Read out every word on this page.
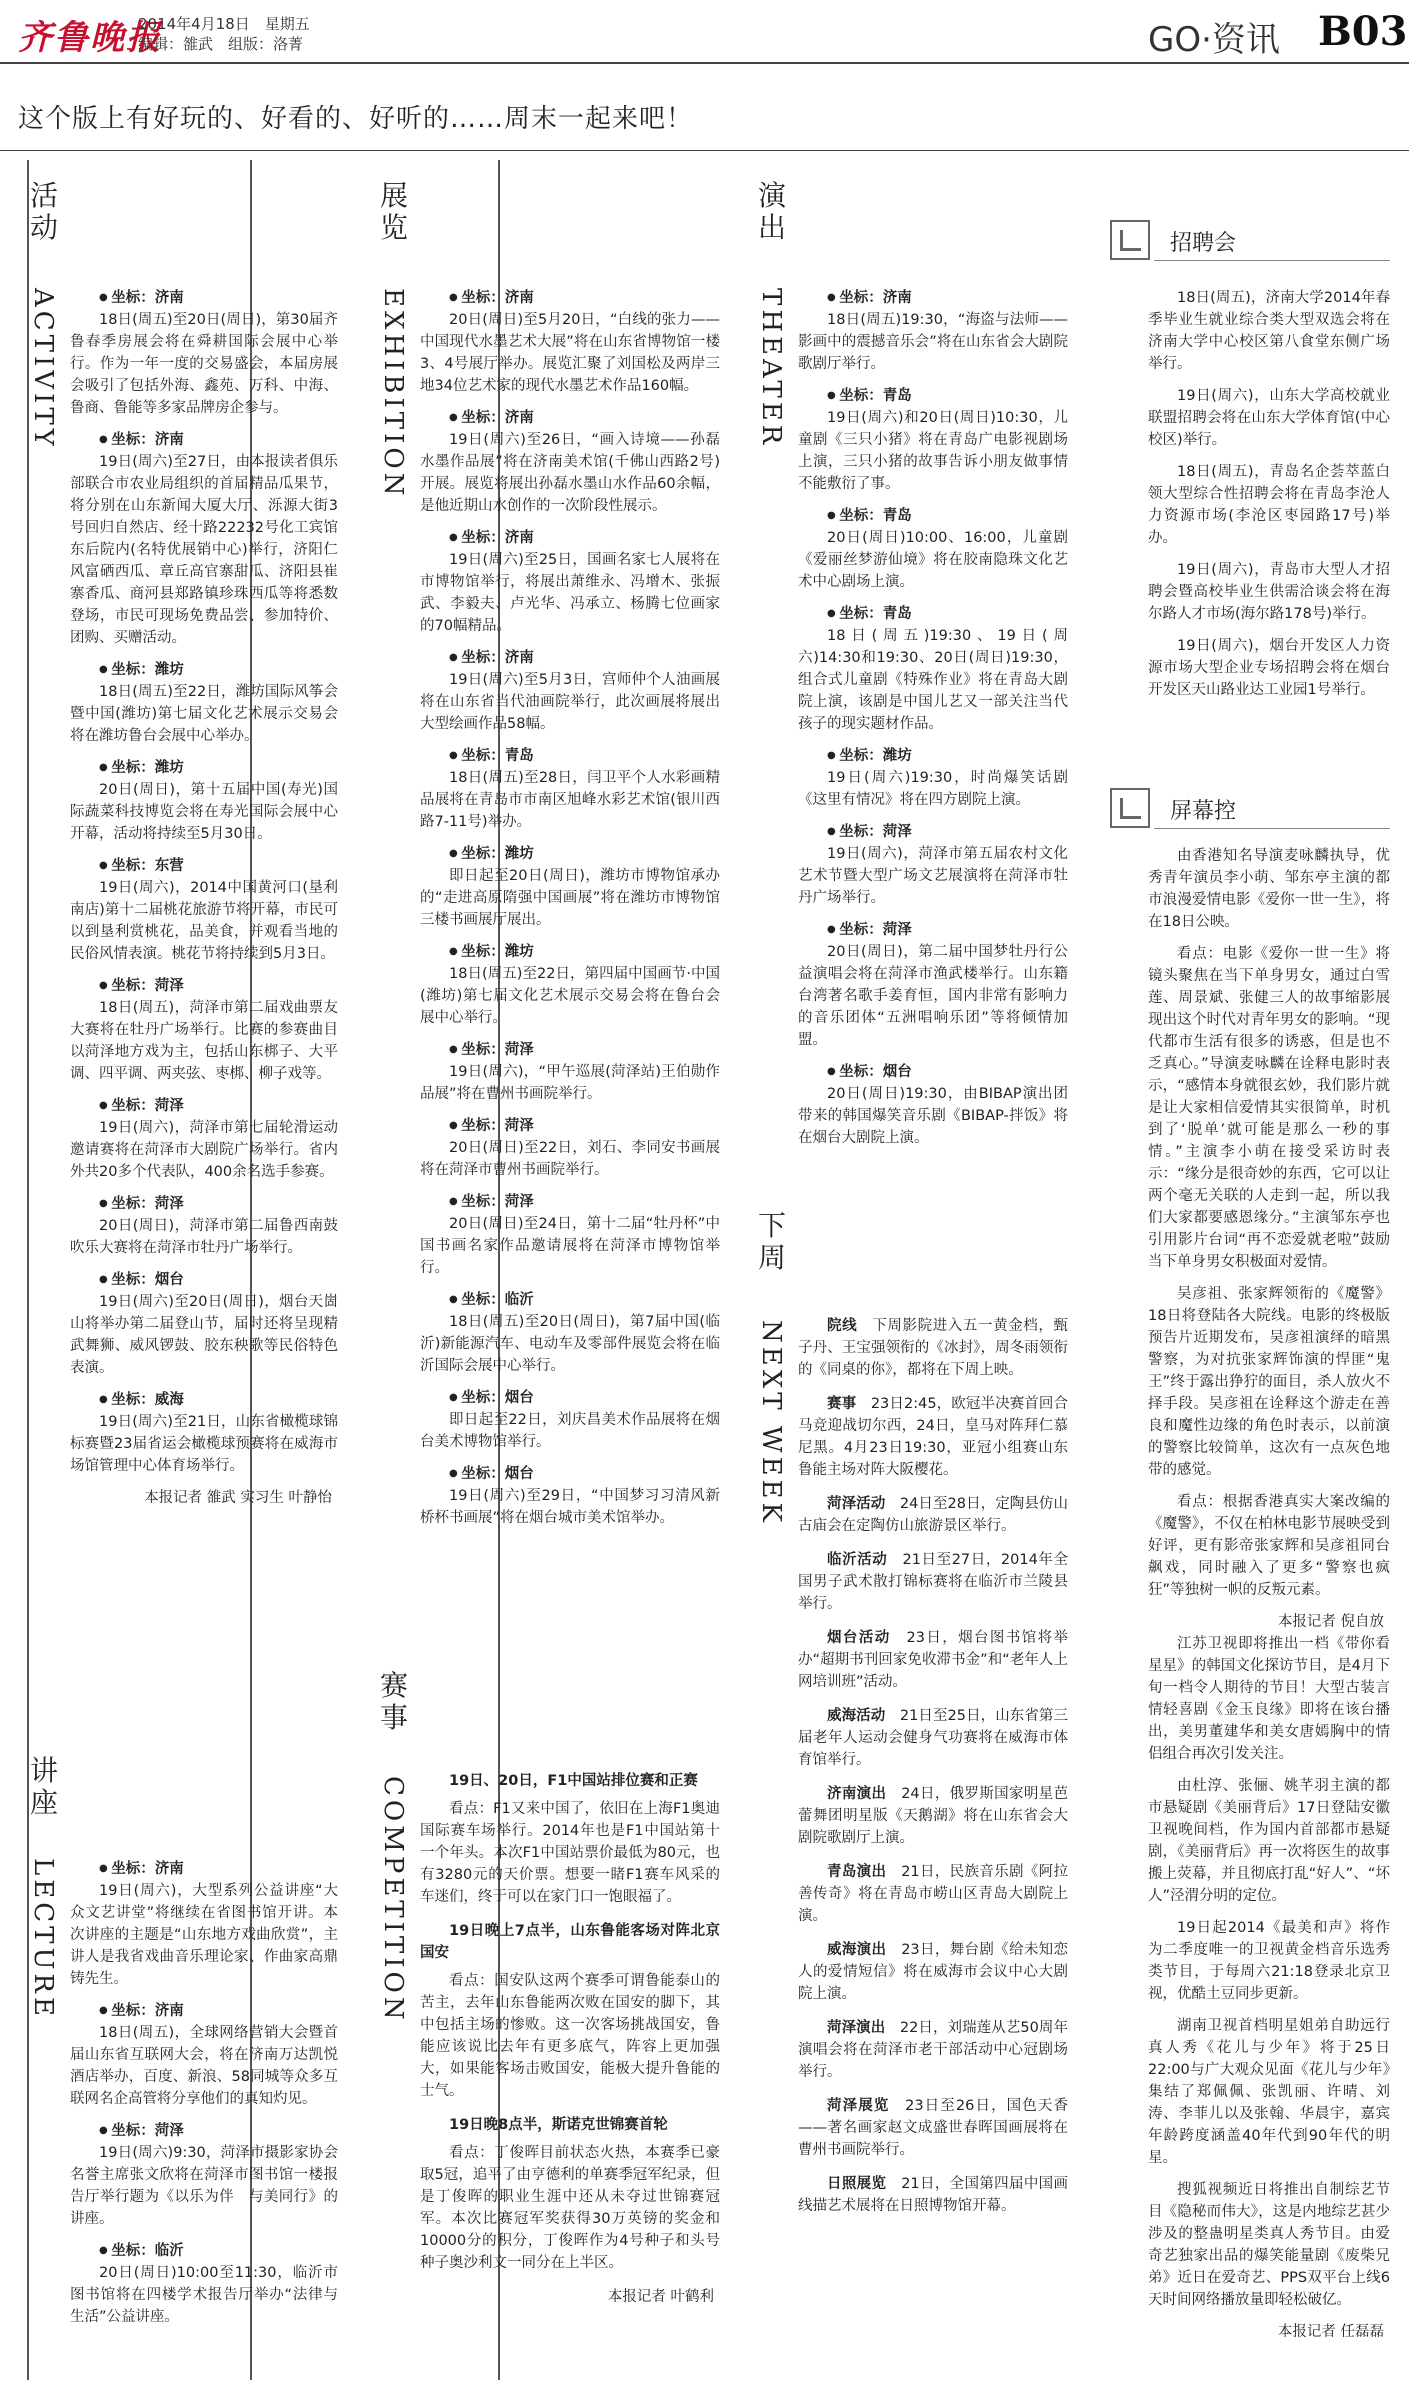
齐鲁晚报
2014年4月18日　星期五
编辑：雒武　组版：洛菁	GO·资讯 B03
这个版上有好玩的、好看的、好听的……周末一起来吧！
活动
ACTIVITY	● 坐标：济南

18日(周五)至20日(周日)，第30届齐鲁春季房展会将在舜耕国际会展中心举行。作为一年一度的交易盛会，本届房展会吸引了包括外海、鑫苑、万科、中海、鲁商、鲁能等多家品牌房企参与。

● 坐标：济南

19日(周六)至27日，由本报读者俱乐部联合市农业局组织的首届精品瓜果节，将分别在山东新闻大厦大厅、泺源大街3号回归自然店、经十路22232号化工宾馆东后院内(名特优展销中心)举行，济阳仁风富硒西瓜、章丘高官寨甜瓜、济阳县崔寨香瓜、商河县郑路镇珍珠西瓜等将悉数登场，市民可现场免费品尝、参加特价、团购、买赠活动。

● 坐标：潍坊

18日(周五)至22日，潍坊国际风筝会暨中国(潍坊)第七届文化艺术展示交易会将在潍坊鲁台会展中心举办。

● 坐标：潍坊

20日(周日)，第十五届中国(寿光)国际蔬菜科技博览会将在寿光国际会展中心开幕，活动将持续至5月30日。

● 坐标：东营

19日(周六)，2014中国黄河口(垦利南店)第十二届桃花旅游节将开幕，市民可以到垦利赏桃花，品美食，并观看当地的民俗风情表演。桃花节将持续到5月3日。

● 坐标：菏泽

18日(周五)，菏泽市第二届戏曲票友大赛将在牡丹广场举行。比赛的参赛曲目以菏泽地方戏为主，包括山东梆子、大平调、四平调、两夹弦、枣梆、柳子戏等。

● 坐标：菏泽

19日(周六)，菏泽市第七届轮滑运动邀请赛将在菏泽市大剧院广场举行。省内外共20多个代表队，400余名选手参赛。

● 坐标：菏泽

20日(周日)，菏泽市第二届鲁西南鼓吹乐大赛将在菏泽市牡丹广场举行。

● 坐标：烟台

19日(周六)至20日(周日)，烟台天崮山将举办第二届登山节，届时还将呈现精武舞狮、威风锣鼓、胶东秧歌等民俗特色表演。

● 坐标：威海

19日(周六)至21日，山东省橄榄球锦标赛暨23届省运会橄榄球预赛将在威海市场馆管理中心体育场举行。

本报记者 雒武 实习生 叶静怡
讲座
LECTURE	● 坐标：济南

19日(周六)，大型系列公益讲座“大众文艺讲堂”将继续在省图书馆开讲。本次讲座的主题是“山东地方戏曲欣赏”，主讲人是我省戏曲音乐理论家、作曲家高鼎铸先生。

● 坐标：济南

18日(周五)，全球网络营销大会暨首届山东省互联网大会，将在济南万达凯悦酒店举办，百度、新浪、58同城等众多互联网名企高管将分享他们的真知灼见。

● 坐标：菏泽

19日(周六)9:30，菏泽市摄影家协会名誉主席张文欣将在菏泽市图书馆一楼报告厅举行题为《以乐为伴　与美同行》的讲座。

● 坐标：临沂

20日(周日)10:00至11:30，临沂市图书馆将在四楼学术报告厅举办“法律与生活”公益讲座。

展览
EXHIBITION	● 坐标：济南

20日(周日)至5月20日，“白线的张力——中国现代水墨艺术大展”将在山东省博物馆一楼3、4号展厅举办。展览汇聚了刘国松及两岸三地34位艺术家的现代水墨艺术作品160幅。

● 坐标：济南

19日(周六)至26日，“画入诗境——孙磊水墨作品展”将在济南美术馆(千佛山西路2号)开展。展览将展出孙磊水墨山水作品60余幅，是他近期山水创作的一次阶段性展示。

● 坐标：济南

19日(周六)至25日，国画名家七人展将在市博物馆举行，将展出萧维永、冯增木、张振武、李毅夫、卢光华、冯承立、杨腾七位画家的70幅精品。

● 坐标：济南

19日(周六)至5月3日，宫师仲个人油画展将在山东省当代油画院举行，此次画展将展出大型绘画作品58幅。

● 坐标：青岛

18日(周五)至28日，闫卫平个人水彩画精品展将在青岛市市南区旭峰水彩艺术馆(银川西路7-11号)举办。

● 坐标：潍坊

即日起至20日(周日)，潍坊市博物馆承办的“走进高原隋强中国画展”将在潍坊市博物馆三楼书画展厅展出。

● 坐标：潍坊

18日(周五)至22日，第四届中国画节·中国(潍坊)第七届文化艺术展示交易会将在鲁台会展中心举行。

● 坐标：菏泽

19日(周六)，“甲午巡展(菏泽站)王伯勋作品展”将在曹州书画院举行。

● 坐标：菏泽

20日(周日)至22日，刘石、李同安书画展将在菏泽市曹州书画院举行。

● 坐标：菏泽

20日(周日)至24日，第十二届“牡丹杯”中国书画名家作品邀请展将在菏泽市博物馆举行。

● 坐标：临沂

18日(周五)至20日(周日)，第7届中国(临沂)新能源汽车、电动车及零部件展览会将在临沂国际会展中心举行。

● 坐标：烟台

即日起至22日，刘庆昌美术作品展将在烟台美术博物馆举行。

● 坐标：烟台

19日(周六)至29日，“中国梦习习清风新桥杯书画展”将在烟台城市美术馆举办。

赛事
COMPETITION	19日、20日，F1中国站排位赛和正赛

看点：F1又来中国了，依旧在上海F1奥迪国际赛车场举行。2014年也是F1中国站第十一个年头。本次F1中国站票价最低为80元，也有3280元的天价票。想要一睹F1赛车风采的车迷们，终于可以在家门口一饱眼福了。

19日晚上7点半，山东鲁能客场对阵北京国安

看点：国安队这两个赛季可谓鲁能泰山的苦主，去年山东鲁能两次败在国安的脚下，其中包括主场的惨败。这一次客场挑战国安，鲁能应该说比去年有更多底气，阵容上更加强大，如果能客场击败国安，能极大提升鲁能的士气。

19日晚8点半，斯诺克世锦赛首轮

看点：丁俊晖目前状态火热，本赛季已豪取5冠，追平了由亨德利的单赛季冠军纪录，但是丁俊晖的职业生涯中还从未夺过世锦赛冠军。本次比赛冠军奖获得30万英镑的奖金和10000分的积分，丁俊晖作为4号种子和头号种子奥沙利文一同分在上半区。

本报记者 叶鹤利
演出
THEATER	● 坐标：济南

18日(周五)19:30，“海盗与法师——影画中的震撼音乐会”将在山东省会大剧院歌剧厅举行。

● 坐标：青岛

19日(周六)和20日(周日)10:30，儿童剧《三只小猪》将在青岛广电影视剧场上演，三只小猪的故事告诉小朋友做事情不能敷衍了事。

● 坐标：青岛

20日(周日)10:00、16:00，儿童剧《爱丽丝梦游仙境》将在胶南隐珠文化艺术中心剧场上演。

● 坐标：青岛

18日(周五)19:30、19日(周六)14:30和19:30、20日(周日)19:30，组合式儿童剧《特殊作业》将在青岛大剧院上演，该剧是中国儿艺又一部关注当代孩子的现实题材作品。

● 坐标：潍坊

19日(周六)19:30，时尚爆笑话剧《这里有情况》将在四方剧院上演。

● 坐标：菏泽

19日(周六)，菏泽市第五届农村文化艺术节暨大型广场文艺展演将在菏泽市牡丹广场举行。

● 坐标：菏泽

20日(周日)，第二届中国梦牡丹行公益演唱会将在菏泽市渔武楼举行。山东籍台湾著名歌手姜育恒，国内非常有影响力的音乐团体“五洲唱响乐团”等将倾情加盟。

● 坐标：烟台

20日(周日)19:30，由BIBAP演出团带来的韩国爆笑音乐剧《BIBAP-拌饭》将在烟台大剧院上演。

下周
NEXT WEEK	院线　 下周影院进入五一黄金档，甄子丹、王宝强领衔的《冰封》，周冬雨领衔的《同桌的你》，都将在下周上映。

赛事　 23日2:45，欧冠半决赛首回合马竞迎战切尔西，24日，皇马对阵拜仁慕尼黑。4月23日19:30，亚冠小组赛山东鲁能主场对阵大阪樱花。

菏泽活动　 24日至28日，定陶县仿山古庙会在定陶仿山旅游景区举行。

临沂活动　 21日至27日，2014年全国男子武术散打锦标赛将在临沂市兰陵县举行。

烟台活动　 23日，烟台图书馆将举办“超期书刊回家免收滞书金”和“老年人上网培训班”活动。

威海活动　 21日至25日，山东省第三届老年人运动会健身气功赛将在威海市体育馆举行。

济南演出　 24日，俄罗斯国家明星芭蕾舞团明星版《天鹅湖》将在山东省会大剧院歌剧厅上演。

青岛演出　 21日，民族音乐剧《阿拉善传奇》将在青岛市崂山区青岛大剧院上演。

威海演出　 23日，舞台剧《给未知恋人的爱情短信》将在威海市会议中心大剧院上演。

菏泽演出　 22日，刘瑞莲从艺50周年演唱会将在菏泽市老干部活动中心冠剧场举行。

菏泽展览　 23日至26日，国色天香——著名画家赵文成盛世春晖国画展将在曹州书画院举行。

日照展览　 21日，全国第四届中国画线描艺术展将在日照博物馆开幕。

招聘会

18日(周五)，济南大学2014年春季毕业生就业综合类大型双选会将在济南大学中心校区第八食堂东侧广场举行。

19日(周六)，山东大学高校就业联盟招聘会将在山东大学体育馆(中心校区)举行。

18日(周五)，青岛名企荟萃蓝白领大型综合性招聘会将在青岛李沧人力资源市场(李沧区枣园路17号)举办。

19日(周六)，青岛市大型人才招聘会暨高校毕业生供需洽谈会将在海尔路人才市场(海尔路178号)举行。

19日(周六)，烟台开发区人力资源市场大型企业专场招聘会将在烟台开发区天山路业达工业园1号举行。

屏幕控

由香港知名导演麦咏麟执导，优秀青年演员李小萌、邹东亭主演的都市浪漫爱情电影《爱你一世一生》，将在18日公映。

看点：电影《爱你一世一生》将镜头聚焦在当下单身男女，通过白雪莲、周景斌、张健三人的故事缩影展现出这个时代对青年男女的影响。“现代都市生活有很多的诱惑，但是也不乏真心。”导演麦咏麟在诠释电影时表示，“感情本身就很玄妙，我们影片就是让大家相信爱情其实很简单，时机到了‘脱单’就可能是那么一秒的事情。”主演李小萌在接受采访时表示：“缘分是很奇妙的东西，它可以让两个毫无关联的人走到一起，所以我们大家都要感恩缘分。”主演邹东亭也引用影片台词“再不恋爱就老啦”鼓励当下单身男女积极面对爱情。

吴彦祖、张家辉领衔的《魔警》18日将登陆各大院线。电影的终极版预告片近期发布，吴彦祖演绎的暗黑警察，为对抗张家辉饰演的悍匪“鬼王”终于露出狰狞的面目，杀人放火不择手段。吴彦祖在诠释这个游走在善良和魔性边缘的角色时表示，以前演的警察比较简单，这次有一点灰色地带的感觉。

看点：根据香港真实大案改编的《魔警》，不仅在柏林电影节展映受到好评，更有影帝张家辉和吴彦祖同台飙戏，同时融入了更多“警察也疯狂”等独树一帜的反叛元素。

本报记者 倪自放

江苏卫视即将推出一档《带你看星星》的韩国文化探访节目，是4月下旬一档令人期待的节目！大型古装言情轻喜剧《金玉良缘》即将在该台播出，美男董建华和美女唐嫣胸中的情侣组合再次引发关注。

由杜淳、张俪、姚芊羽主演的都市悬疑剧《美丽背后》17日登陆安徽卫视晚间档，作为国内首部都市悬疑剧，《美丽背后》再一次将医生的故事搬上荧幕，并且彻底打乱“好人”、“坏人”泾渭分明的定位。

19日起2014《最美和声》将作为二季度唯一的卫视黄金档音乐选秀类节目，于每周六21:18登录北京卫视，优酷土豆同步更新。

湖南卫视首档明星姐弟自助远行真人秀《花儿与少年》将于25日22:00与广大观众见面《花儿与少年》集结了郑佩佩、张凯丽、许晴、刘涛、李菲儿以及张翰、华晨宇，嘉宾年龄跨度涵盖40年代到90年代的明星。

搜狐视频近日将推出自制综艺节目《隐秘而伟大》，这是内地综艺甚少涉及的整蛊明星类真人秀节目。由爱奇艺独家出品的爆笑能量剧《废柴兄弟》近日在爱奇艺、PPS双平台上线6天时间网络播放量即轻松破亿。

本报记者 任磊磊
